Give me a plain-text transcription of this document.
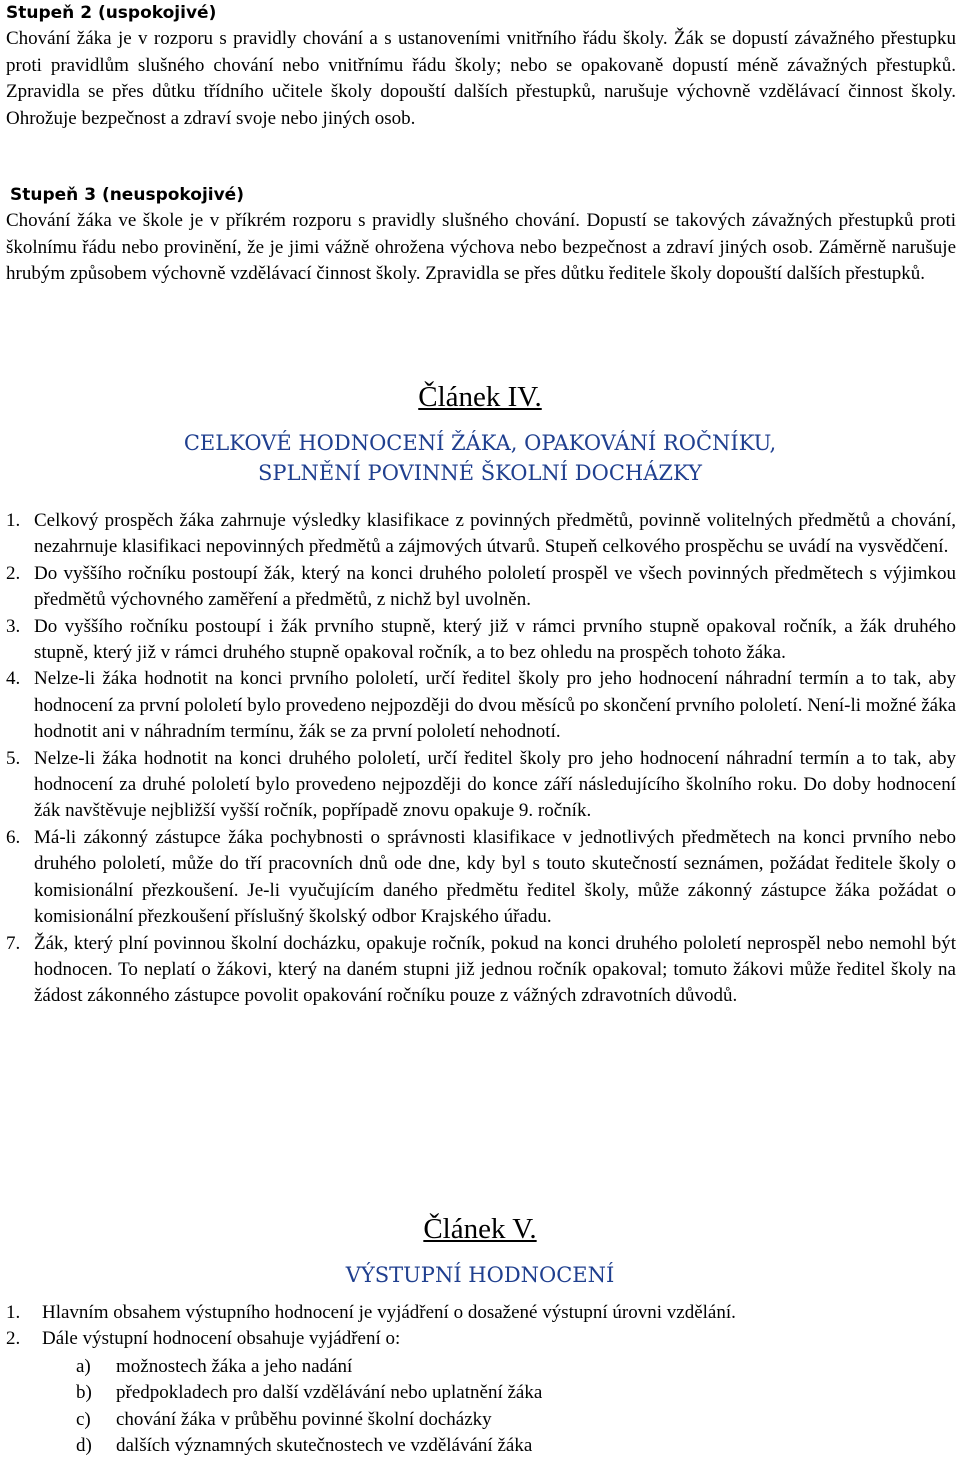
Stupeň 2 (uspokojivé)

Chování žáka je v rozporu s pravidly chování a s ustanoveními vnitřního řádu školy. Žák se dopustí závažného přestupku proti pravidlům slušného chování nebo vnitřnímu řádu školy; nebo se opakovaně dopustí méně závažných přestupků. Zpravidla se přes důtku třídního učitele školy dopouští dalších přestupků, narušuje výchovně vzdělávací činnost školy. Ohrožuje bezpečnost a zdraví svoje nebo jiných osob.

Stupeň 3 (neuspokojivé)

Chování žáka ve škole je v příkrém rozporu s pravidly slušného chování. Dopustí se takových závažných přestupků proti školnímu řádu nebo provinění, že je jimi vážně ohrožena výchova nebo bezpečnost a zdraví jiných osob. Záměrně narušuje hrubým způsobem výchovně vzdělávací činnost školy. Zpravidla se přes důtku ředitele školy dopouští dalších přestupků.

Článek IV.
CELKOVÉ HODNOCENÍ ŽÁKA, OPAKOVÁNÍ ROČNÍKU, SPLNĚNÍ POVINNÉ ŠKOLNÍ DOCHÁZKY
1. Celkový prospěch žáka zahrnuje výsledky klasifikace z povinných předmětů, povinně volitelných předmětů a chování, nezahrnuje klasifikaci nepovinných předmětů a zájmových útvarů. Stupeň celkového prospěchu se uvádí na vysvědčení.
2. Do vyššího ročníku postoupí žák, který na konci druhého pololetí prospěl ve všech povinných předmětech s výjimkou předmětů výchovného zaměření a předmětů, z nichž byl uvolněn.
3. Do vyššího ročníku postoupí i žák prvního stupně, který již v rámci prvního stupně opakoval ročník, a žák druhého stupně, který již v rámci druhého stupně opakoval ročník, a to bez ohledu na prospěch tohoto žáka.
4. Nelze-li žáka hodnotit na konci prvního pololetí, určí ředitel školy pro jeho hodnocení náhradní termín a to tak, aby hodnocení za první pololetí bylo provedeno nejpozději do dvou měsíců po skončení prvního pololetí. Není-li možné žáka hodnotit ani v náhradním termínu, žák se za první pololetí nehodnotí.
5. Nelze-li žáka hodnotit na konci druhého pololetí, určí ředitel školy pro jeho hodnocení náhradní termín a to tak, aby hodnocení za druhé pololetí bylo provedeno nejpozději do konce září následujícího školního roku. Do doby hodnocení žák navštěvuje nejbližší vyšší ročník, popřípadě znovu opakuje 9. ročník.
6. Má-li zákonný zástupce žáka pochybnosti o správnosti klasifikace v jednotlivých předmětech na konci prvního nebo druhého pololetí, může do tří pracovních dnů ode dne, kdy byl s touto skutečností seznámen, požádat ředitele školy o komisionální přezkoušení. Je-li vyučujícím daného předmětu ředitel školy, může zákonný zástupce žáka požádat o komisionální přezkoušení příslušný školský odbor Krajského úřadu.
7. Žák, který plní povinnou školní docházku, opakuje ročník, pokud na konci druhého pololetí neprospěl nebo nemohl být hodnocen. To neplatí o žákovi, který na daném stupni již jednou ročník opakoval; tomuto žákovi může ředitel školy na žádost zákonného zástupce povolit opakování ročníku pouze z vážných zdravotních důvodů.
Článek V.
VÝSTUPNÍ HODNOCENÍ
1. Hlavním obsahem výstupního hodnocení je vyjádření o dosažené výstupní úrovni vzdělání.
2. Dále výstupní hodnocení obsahuje vyjádření o:
a) možnostech žáka a jeho nadání
b) předpokladech pro další vzdělávání nebo uplatnění žáka
c) chování žáka v průběhu povinné školní docházky
d) dalších významných skutečnostech ve vzdělávání žáka
